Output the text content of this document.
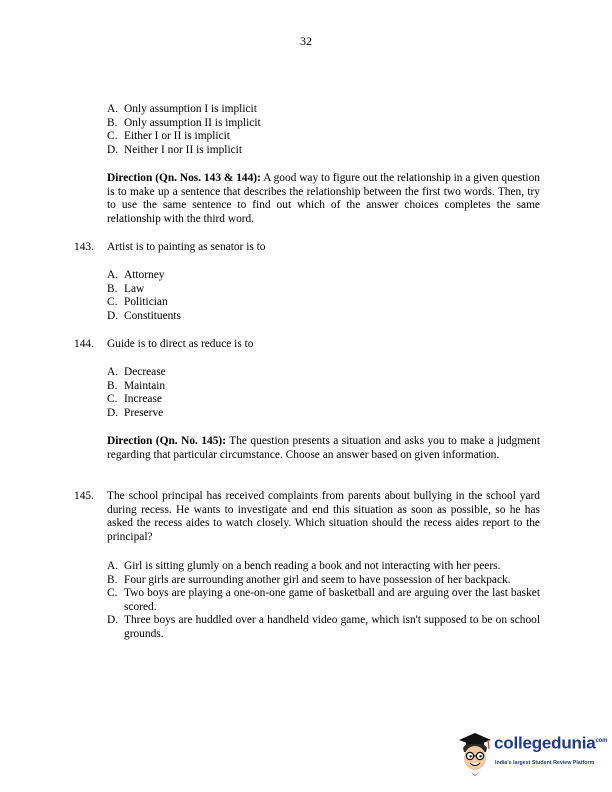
32
A. Only assumption I is implicit
B. Only assumption II is implicit
C. Either I or II is implicit
D. Neither I nor II is implicit
Direction (Qn. Nos. 143 & 144): A good way to figure out the relationship in a given question is to make up a sentence that describes the relationship between the first two words. Then, try to use the same sentence to find out which of the answer choices completes the same relationship with the third word.
143.	Artist is to painting as senator is to
A. Attorney
B. Law
C. Politician
D. Constituents
144.	Guide is to direct as reduce is to
A. Decrease
B. Maintain
C. Increase
D. Preserve
Direction (Qn. No. 145): The question presents a situation and asks you to make a judgment regarding that particular circumstance. Choose an answer based on given information.
145.	The school principal has received complaints from parents about bullying in the school yard during recess. He wants to investigate and end this situation as soon as possible, so he has asked the recess aides to watch closely. Which situation should the recess aides report to the principal?
A. Girl is sitting glumly on a bench reading a book and not interacting with her peers.
B. Four girls are surrounding another girl and seem to have possession of her backpack.
C. Two boys are playing a one-on-one game of basketball and are arguing over the last basket scored.
D. Three boys are huddled over a handheld video game, which isn't supposed to be on school grounds.
collegedunia$^{com}$
India's largest Student Review Platform
